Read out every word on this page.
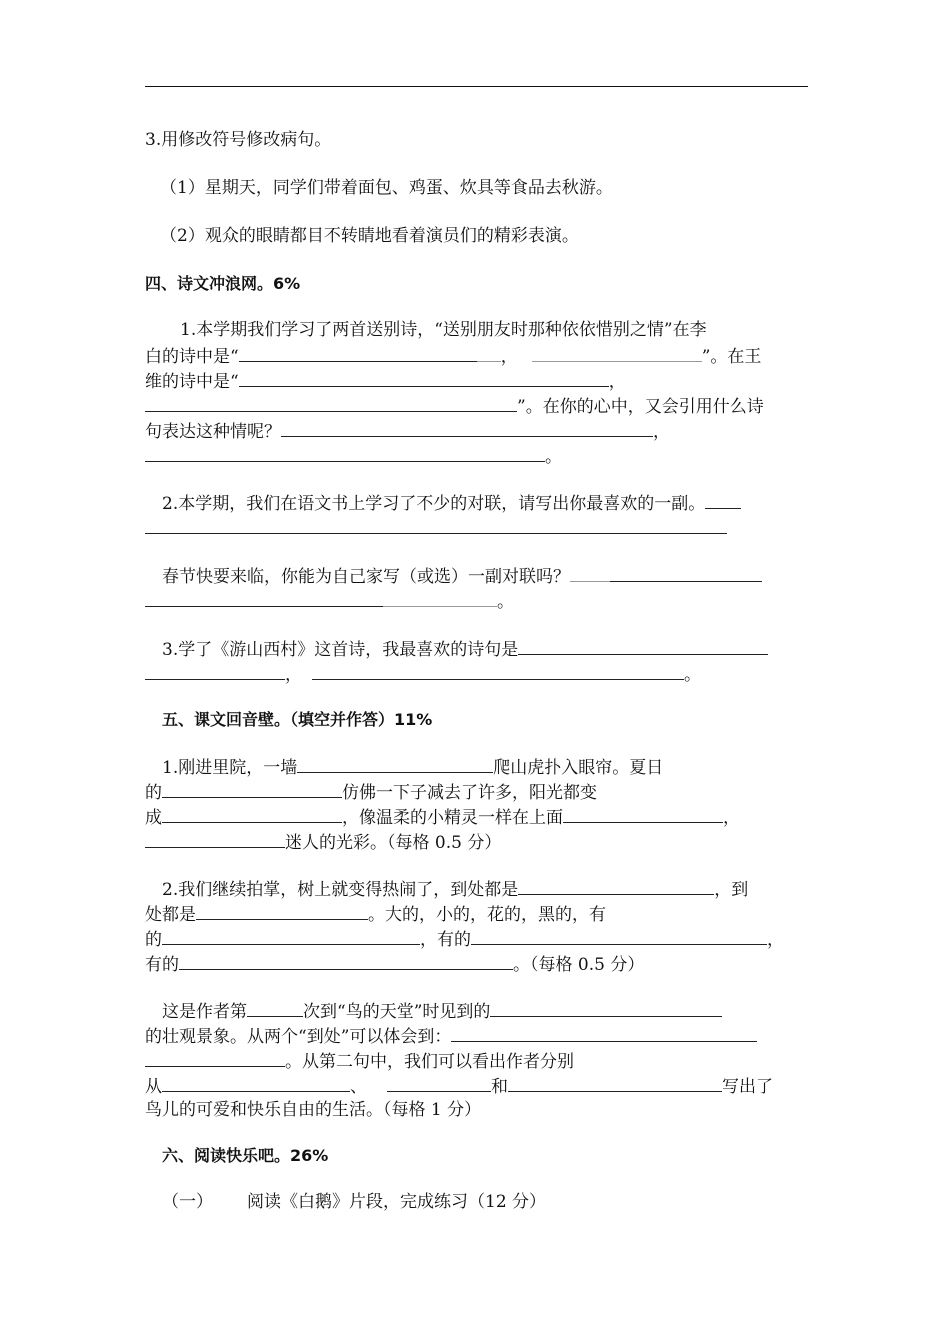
3.用修改符号修改病句。
（1）星期天，同学们带着面包、鸡蛋、炊具等食品去秋游。
（2）观众的眼睛都目不转睛地看着演员们的精彩表演。
四、诗文冲浪网。6%
1.本学期我们学习了两首送别诗，“送别朋友时那种依依惜别之情”在李
白的诗中是“	，	”。在王
维的诗中是“	，
”。在你的心中，又会引用什么诗
句表达这种情呢？	，
。
2.本学期，我们在语文书上学习了不少的对联，请写出你最喜欢的一副。
春节快要来临，你能为自己家写（或选）一副对联吗？
。
3.学了《游山西村》这首诗，我最喜欢的诗句是
，	。
五、课文回音壁。（填空并作答）11%
1.刚进里院，一墙	爬山虎扑入眼帘。夏日
的	仿佛一下子减去了许多，阳光都变
成	，像温柔的小精灵一样在上面	，
迷人的光彩。（每格 0.5 分）
2.我们继续拍掌，树上就变得热闹了，到处都是	，到
处都是	。大的，小的，花的，黑的，有
的	，有的	，
有的	。（每格 0.5 分）
这是作者第	次到“鸟的天堂”时见到的
的壮观景象。从两个“到处”可以体会到：
。从第二句中，我们可以看出作者分别
从	、	和	写出了
鸟儿的可爱和快乐自由的生活。（每格 1 分）
六、阅读快乐吧。26%
（一） 阅读《白鹅》片段，完成练习（12 分）
